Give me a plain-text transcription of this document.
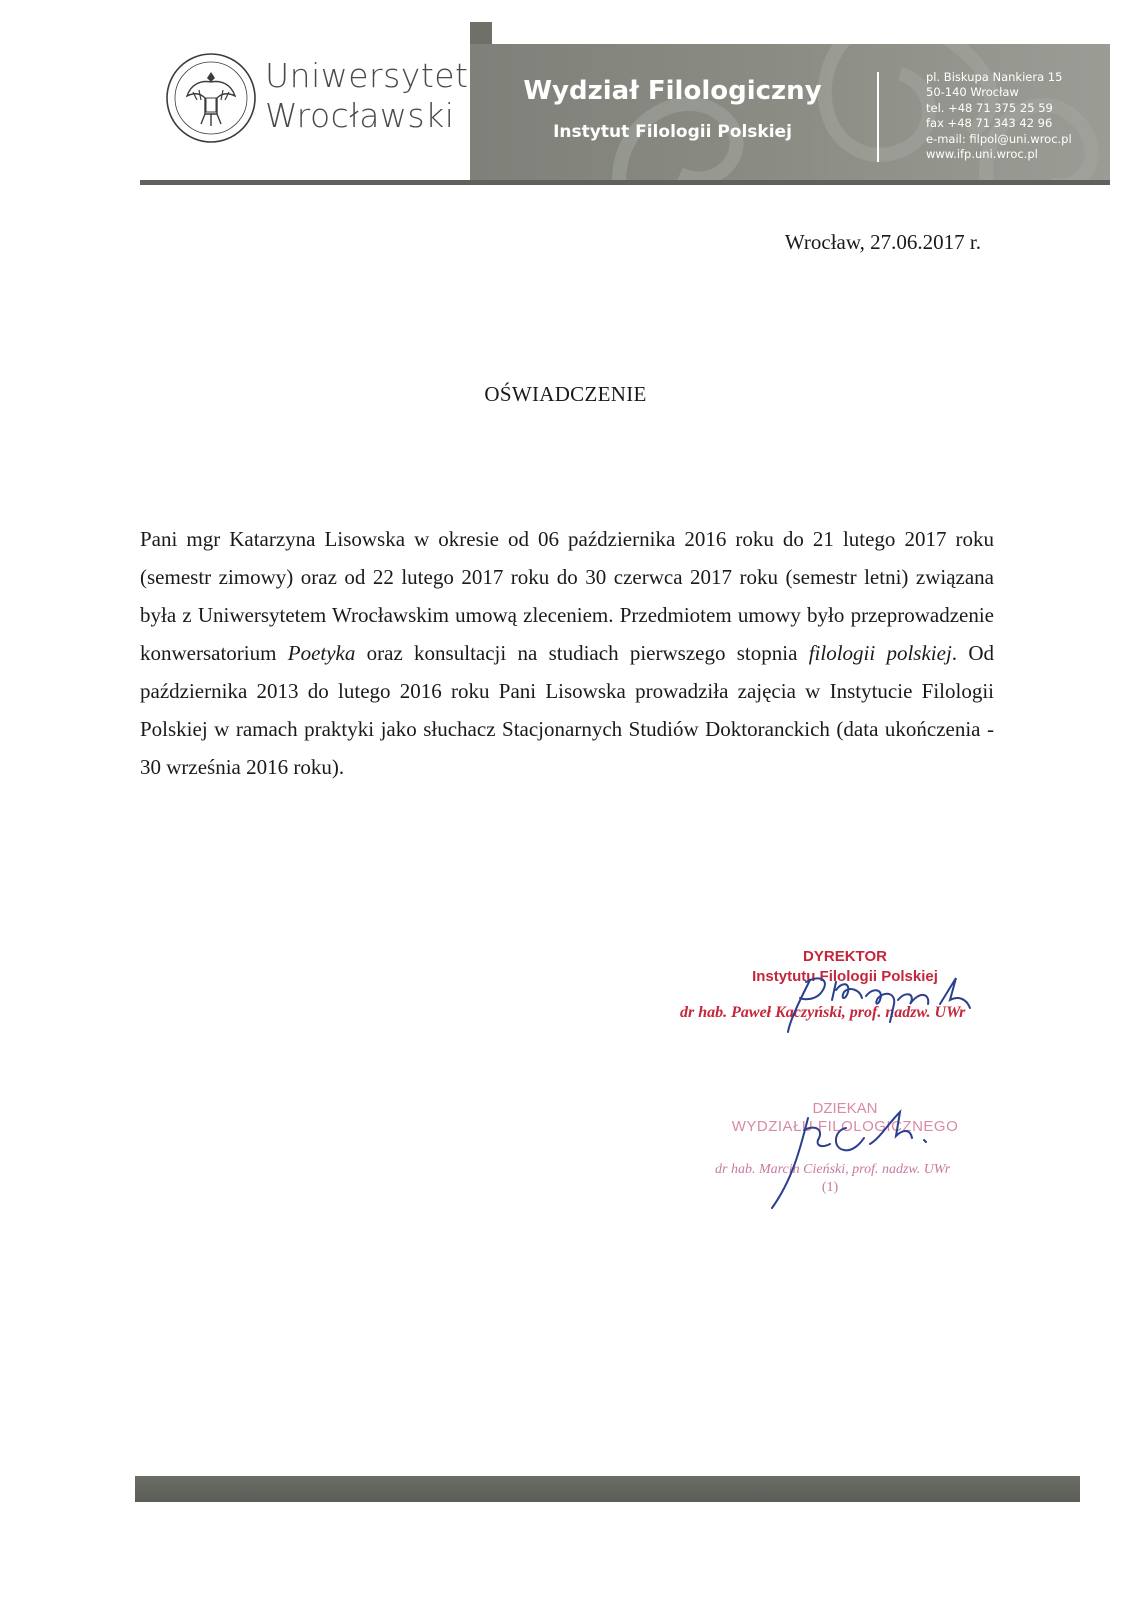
Uniwersytet
Wrocławski
Wydział Filologiczny
Instytut Filologii Polskiej
pl. Biskupa Nankiera 15
50-140 Wrocław
tel. +48 71 375 25 59
fax +48 71 343 42 96
e-mail: filpol@uni.wroc.pl
www.ifp.uni.wroc.pl
Wrocław, 27.06.2017 r.
OŚWIADCZENIE
Pani mgr Katarzyna Lisowska w okresie od 06 października 2016 roku do 21 lutego 2017 roku (semestr zimowy) oraz od 22 lutego 2017 roku do 30 czerwca 2017 roku (semestr letni) związana była z Uniwersytetem Wrocławskim umową zleceniem. Przedmiotem umowy było przeprowadzenie konwersatorium Poetyka oraz konsultacji na studiach pierwszego stopnia filologii polskiej. Od października 2013 do lutego 2016 roku Pani Lisowska prowadziła zajęcia w Instytucie Filologii Polskiej w ramach praktyki jako słuchacz Stacjonarnych Studiów Doktoranckich (data ukończenia - 30 września 2016 roku).
DYREKTOR
Instytutu Filologii Polskiej
dr hab. Paweł Kaczyński, prof. nadzw. UWr
DZIEKAN
WYDZIAŁU FILOLOGICZNEGO
dr hab. Marcin Cieński, prof. nadzw. UWr
(1)
